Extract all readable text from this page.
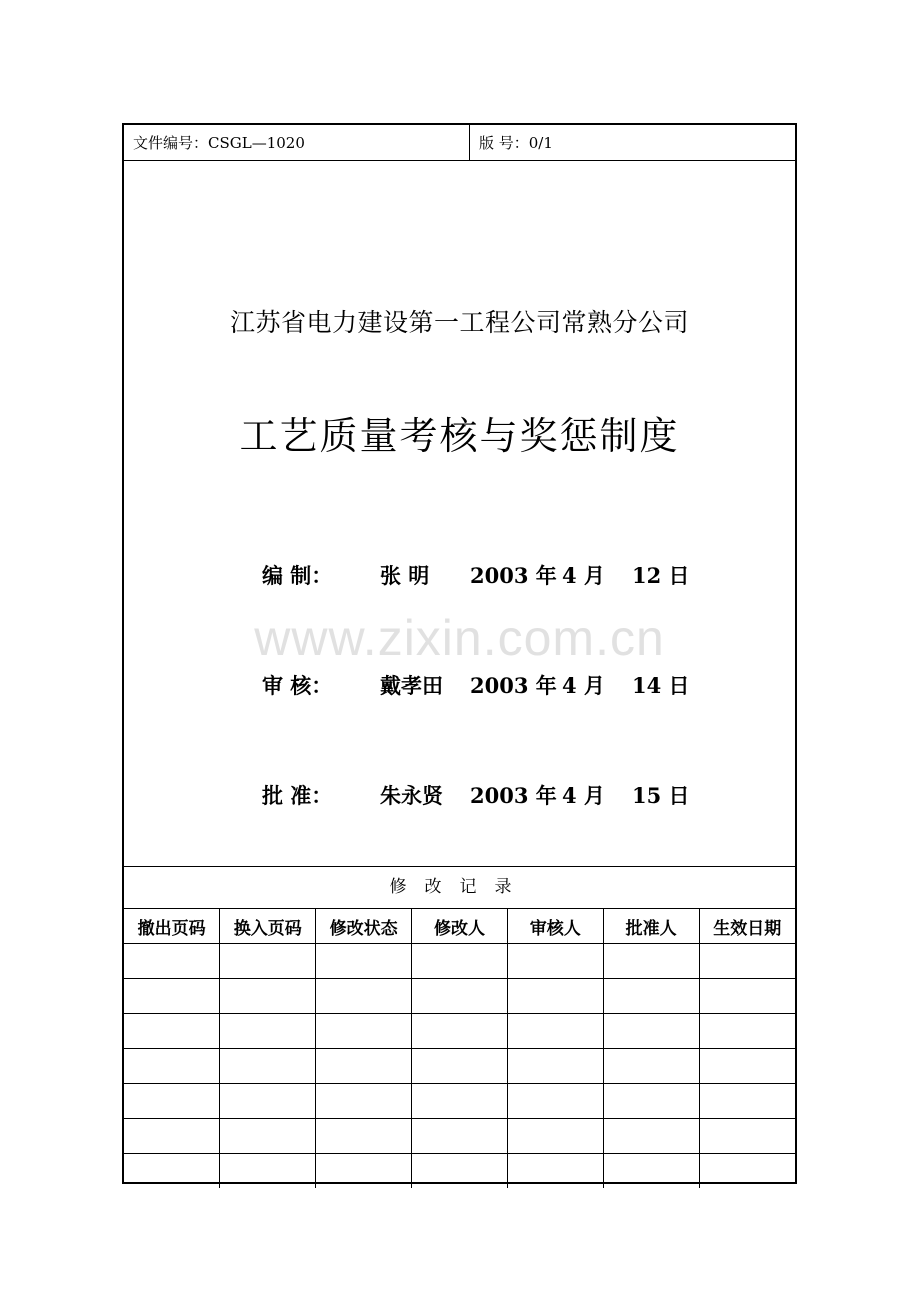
文件编号：CSGL—1020	版 号：0/1
江苏省电力建设第一工程公司常熟分公司
工艺质量考核与奖惩制度
编 制： 张 明 2003 年 4 月 12 日
www.zixin.com.cn
审 核： 戴孝田 2003 年 4 月 14 日
批 准： 朱永贤 2003 年 4 月 15 日
修改记录
撤出页码	换入页码	修改状态	修改人	审核人	批准人	生效日期
